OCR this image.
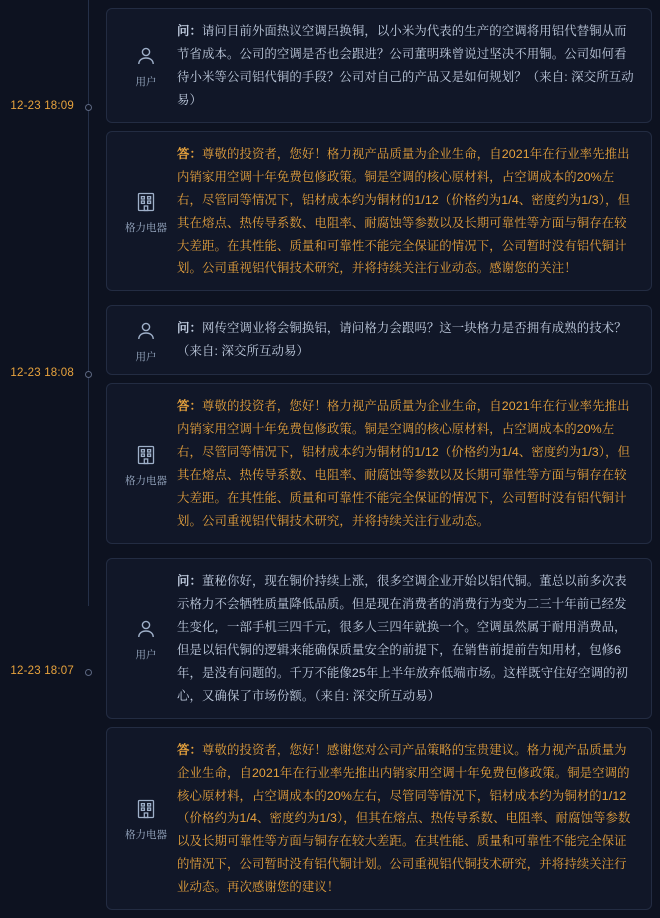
12-23 18:09
用户
问：请问目前外面热议空调呂换铜，以小米为代表的生产的空调将用铝代替铜从而节省成本。公司的空调是否也会跟进？公司董明珠曾说过坚决不用铜。公司如何看待小米等公司铝代铜的手段？公司对自己的产品又是如何规划？（来自: 深交所互动易）
格力电器
答：尊敬的投资者，您好！格力视产品质量为企业生命，自2021年在行业率先推出内销家用空调十年免费包修政策。铜是空调的核心原材料，占空调成本的20%左右，尽管同等情况下，铝材成本约为铜材的1/12（价格约为1/4、密度约为1/3），但其在熔点、热传导系数、电阻率、耐腐蚀等参数以及长期可靠性等方面与铜存在较大差距。在其性能、质量和可靠性不能完全保证的情况下，公司暂时没有铝代铜计划。公司重视铝代铜技术研究，并将持续关注行业动态。感谢您的关注！
12-23 18:08
用户
问：网传空调业将会铜换铝，请问格力会跟吗？这一块格力是否拥有成熟的技术？（来自: 深交所互动易）
格力电器
答：尊敬的投资者，您好！格力视产品质量为企业生命，自2021年在行业率先推出内销家用空调十年免费包修政策。铜是空调的核心原材料，占空调成本的20%左右，尽管同等情况下，铝材成本约为铜材的1/12（价格约为1/4、密度约为1/3），但其在熔点、热传导系数、电阻率、耐腐蚀等参数以及长期可靠性等方面与铜存在较大差距。在其性能、质量和可靠性不能完全保证的情况下，公司暂时没有铝代铜计划。公司重视铝代铜技术研究，并将持续关注行业动态。
12-23 18:07
用户
问：董秘你好，现在铜价持续上涨，很多空调企业开始以铝代铜。董总以前多次表示格力不会牺牲质量降低品质。但是现在消费者的消费行为变为二三十年前已经发生变化，一部手机三四千元，很多人三四年就换一个。空调虽然属于耐用消费品，但是以铝代铜的逻辑来能确保质量安全的前提下，在销售前提前告知用材，包修6年，是没有问题的。千万不能像25年上半年放弃低端市场。这样既守住好空调的初心，又确保了市场份额。（来自: 深交所互动易）
格力电器
答：尊敬的投资者，您好！感谢您对公司产品策略的宝贵建议。格力视产品质量为企业生命，自2021年在行业率先推出内销家用空调十年免费包修政策。铜是空调的核心原材料，占空调成本的20%左右，尽管同等情况下，铝材成本约为铜材的1/12（价格约为1/4、密度约为1/3），但其在熔点、热传导系数、电阻率、耐腐蚀等参数以及长期可靠性等方面与铜存在较大差距。在其性能、质量和可靠性不能完全保证的情况下，公司暂时没有铝代铜计划。公司重视铝代铜技术研究，并将持续关注行业动态。再次感谢您的建议！
